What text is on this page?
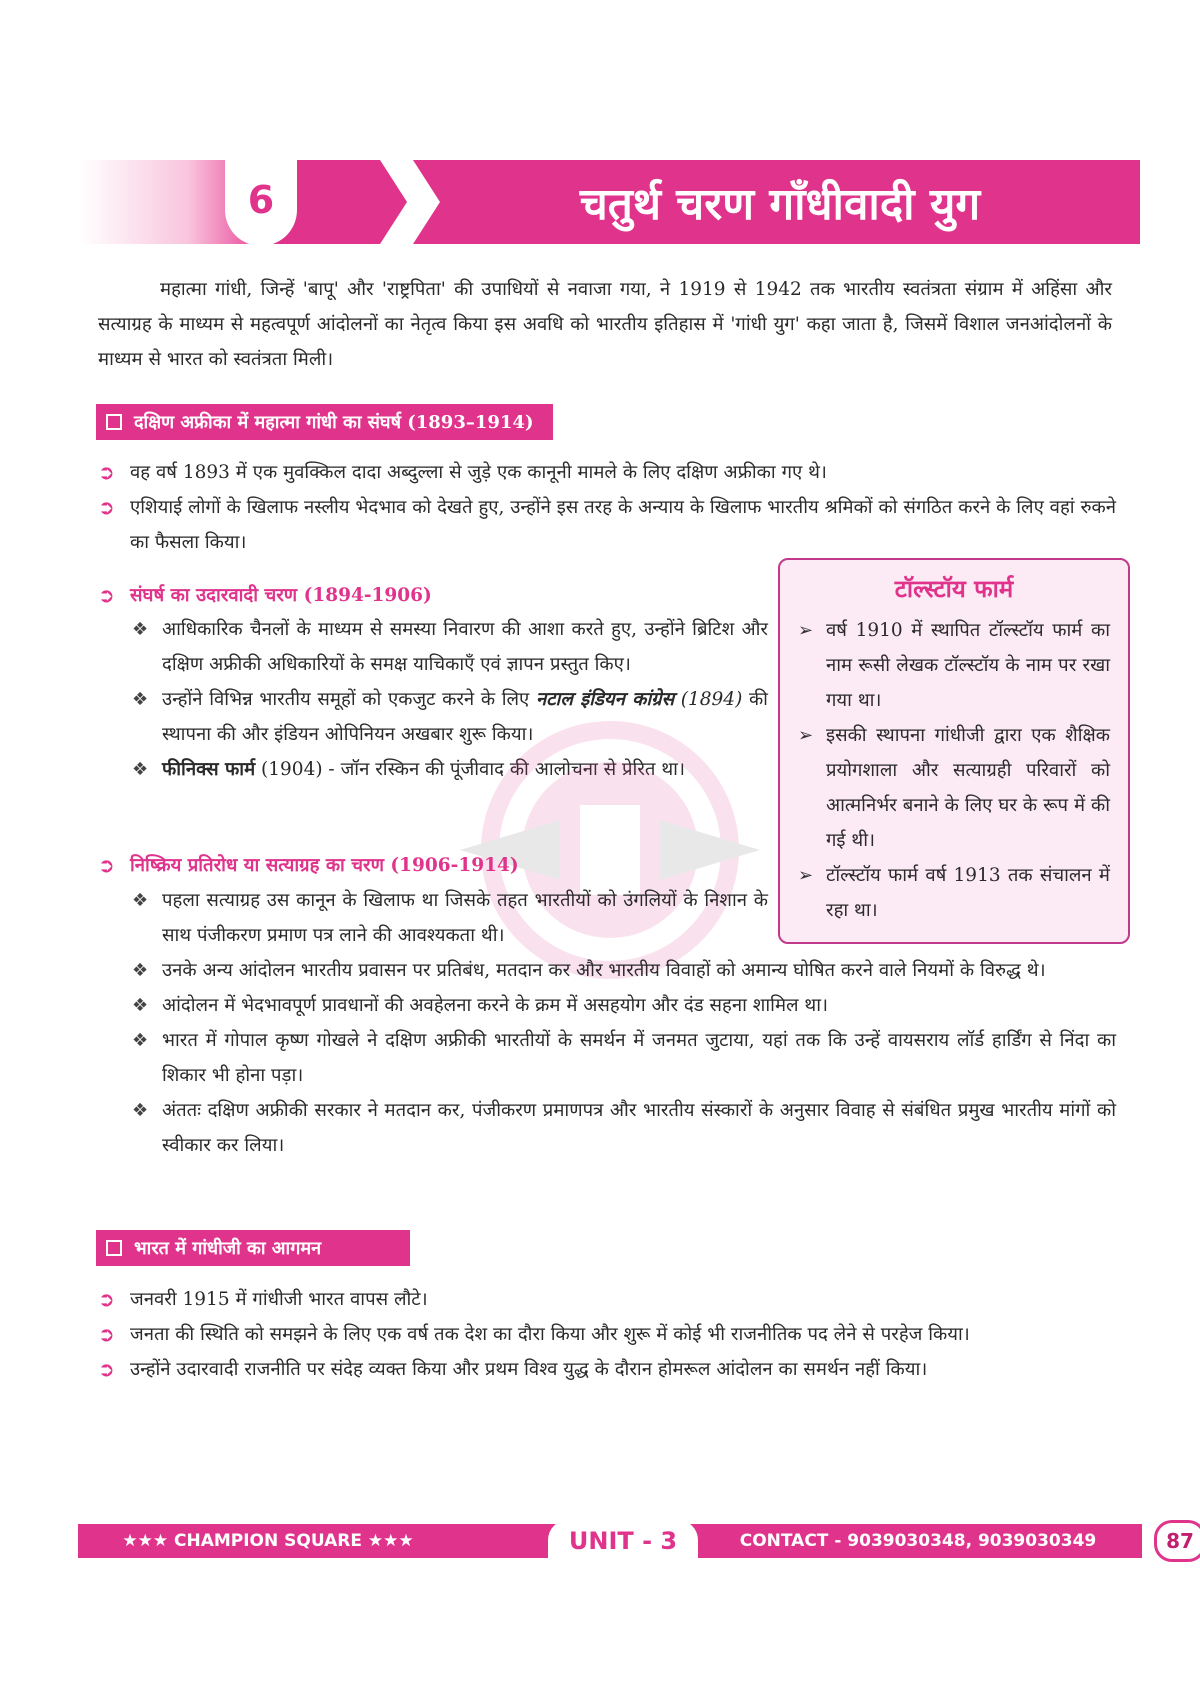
6	चतुर्थ चरण गाँधीवादी युग

महात्मा गांधी, जिन्हें 'बापू' और 'राष्ट्रपिता' की उपाधियों से नवाजा गया, ने 1919 से 1942 तक भारतीय स्वतंत्रता संग्राम में अहिंसा और सत्याग्रह के माध्यम से महत्वपूर्ण आंदोलनों का नेतृत्व किया इस अवधि को भारतीय इतिहास में 'गांधी युग' कहा जाता है, जिसमें विशाल जनआंदोलनों के माध्यम से भारत को स्वतंत्रता मिली।

दक्षिण अफ्रीका में महात्मा गांधी का संघर्ष (1893–1914)
➲ वह वर्ष 1893 में एक मुवक्किल दादा अब्दुल्ला से जुड़े एक कानूनी मामले के लिए दक्षिण अफ्रीका गए थे।
➲ एशियाई लोगों के खिलाफ नस्लीय भेदभाव को देखते हुए, उन्होंने इस तरह के अन्याय के खिलाफ भारतीय श्रमिकों को संगठित करने के लिए वहां रुकने का फैसला किया।
➲ संघर्ष का उदारवादी चरण (1894-1906)
❖ आधिकारिक चैनलों के माध्यम से समस्या निवारण की आशा करते हुए, उन्होंने ब्रिटिश और दक्षिण अफ्रीकी अधिकारियों के समक्ष याचिकाएँ एवं ज्ञापन प्रस्तुत किए।
❖ उन्होंने विभिन्न भारतीय समूहों को एकजुट करने के लिए नटाल इंडियन कांग्रेस (1894) की स्थापना की और इंडियन ओपिनियन अखबार शुरू किया।
❖ फीनिक्स फार्म (1904) - जॉन रस्किन की पूंजीवाद की आलोचना से प्रेरित था।
➲ निष्क्रिय प्रतिरोध या सत्याग्रह का चरण (1906-1914)
❖ पहला सत्याग्रह उस कानून के खिलाफ था जिसके तहत भारतीयों को उंगलियों के निशान के साथ पंजीकरण प्रमाण पत्र लाने की आवश्यकता थी।
❖ उनके अन्य आंदोलन भारतीय प्रवासन पर प्रतिबंध, मतदान कर और भारतीय विवाहों को अमान्य घोषित करने वाले नियमों के विरुद्ध थे।
❖ आंदोलन में भेदभावपूर्ण प्रावधानों की अवहेलना करने के क्रम में असहयोग और दंड सहना शामिल था।
❖ भारत में गोपाल कृष्ण गोखले ने दक्षिण अफ्रीकी भारतीयों के समर्थन में जनमत जुटाया, यहां तक कि उन्हें वायसराय लॉर्ड हार्डिंग से निंदा का शिकार भी होना पड़ा।
❖ अंततः दक्षिण अफ्रीकी सरकार ने मतदान कर, पंजीकरण प्रमाणपत्र और भारतीय संस्कारों के अनुसार विवाह से संबंधित प्रमुख भारतीय मांगों को स्वीकार कर लिया।
टॉल्स्टॉय फार्म
➢ वर्ष 1910 में स्थापित टॉल्स्टॉय फार्म का नाम रूसी लेखक टॉल्स्टॉय के नाम पर रखा गया था।
➢ इसकी स्थापना गांधीजी द्वारा एक शैक्षिक प्रयोगशाला और सत्याग्रही परिवारों को आत्मनिर्भर बनाने के लिए घर के रूप में की गई थी।
➢ टॉल्स्टॉय फार्म वर्ष 1913 तक संचालन में रहा था।
भारत में गांधीजी का आगमन
➲ जनवरी 1915 में गांधीजी भारत वापस लौटे।
➲ जनता की स्थिति को समझने के लिए एक वर्ष तक देश का दौरा किया और शुरू में कोई भी राजनीतिक पद लेने से परहेज किया।
➲ उन्होंने उदारवादी राजनीति पर संदेह व्यक्त किया और प्रथम विश्व युद्ध के दौरान होमरूल आंदोलन का समर्थन नहीं किया।
★★★ CHAMPION SQUARE ★★★	UNIT - 3	CONTACT - 9039030348, 9039030349	87
